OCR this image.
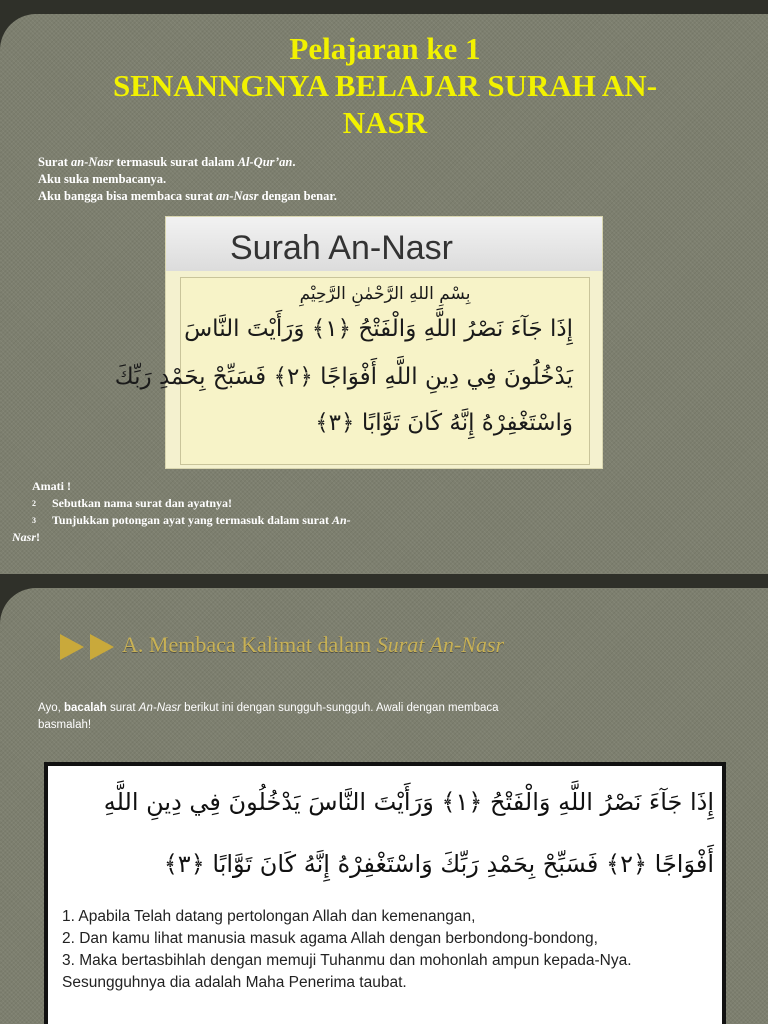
Pelajaran ke 1
SENANNGNYA BELAJAR SURAH AN-
NASR
Surat an-Nasr termasuk surat dalam Al-Qur’an.
Aku suka membacanya.
Aku bangga bisa membaca surat an-Nasr dengan benar.
Surah An-Nasr
بِسْمِ اللهِ الرَّحْمٰنِ الرَّحِيْمِ
إِذَا جَآءَ نَصْرُ اللَّهِ وَالْفَتْحُ ﴿١﴾ وَرَأَيْتَ النَّاسَ
يَدْخُلُونَ فِي دِينِ اللَّهِ أَفْوَاجًا ﴿٢﴾ فَسَبِّحْ بِحَمْدِ رَبِّكَ
وَاسْتَغْفِرْهُ إِنَّهُ كَانَ تَوَّابًا ﴿٣﴾
Amati !
2 Sebutkan nama surat dan ayatnya!
3 Tunjukkan potongan ayat yang termasuk dalam surat An-
Nasr!
A. Membaca Kalimat dalam Surat An-Nasr
Ayo, bacalah surat An-Nasr berikut ini dengan sungguh-sungguh. Awali dengan membaca
basmalah!
إِذَا جَآءَ نَصْرُ اللَّهِ وَالْفَتْحُ ﴿١﴾ وَرَأَيْتَ النَّاسَ يَدْخُلُونَ فِي دِينِ اللَّهِ
أَفْوَاجًا ﴿٢﴾ فَسَبِّحْ بِحَمْدِ رَبِّكَ وَاسْتَغْفِرْهُ إِنَّهُ كَانَ تَوَّابًا ﴿٣﴾
1. Apabila Telah datang pertolongan Allah dan kemenangan,
2. Dan kamu lihat manusia masuk agama Allah dengan berbondong-bondong,
3. Maka bertasbihlah dengan memuji Tuhanmu dan mohonlah ampun kepada-Nya.
Sesungguhnya dia adalah Maha Penerima taubat.
